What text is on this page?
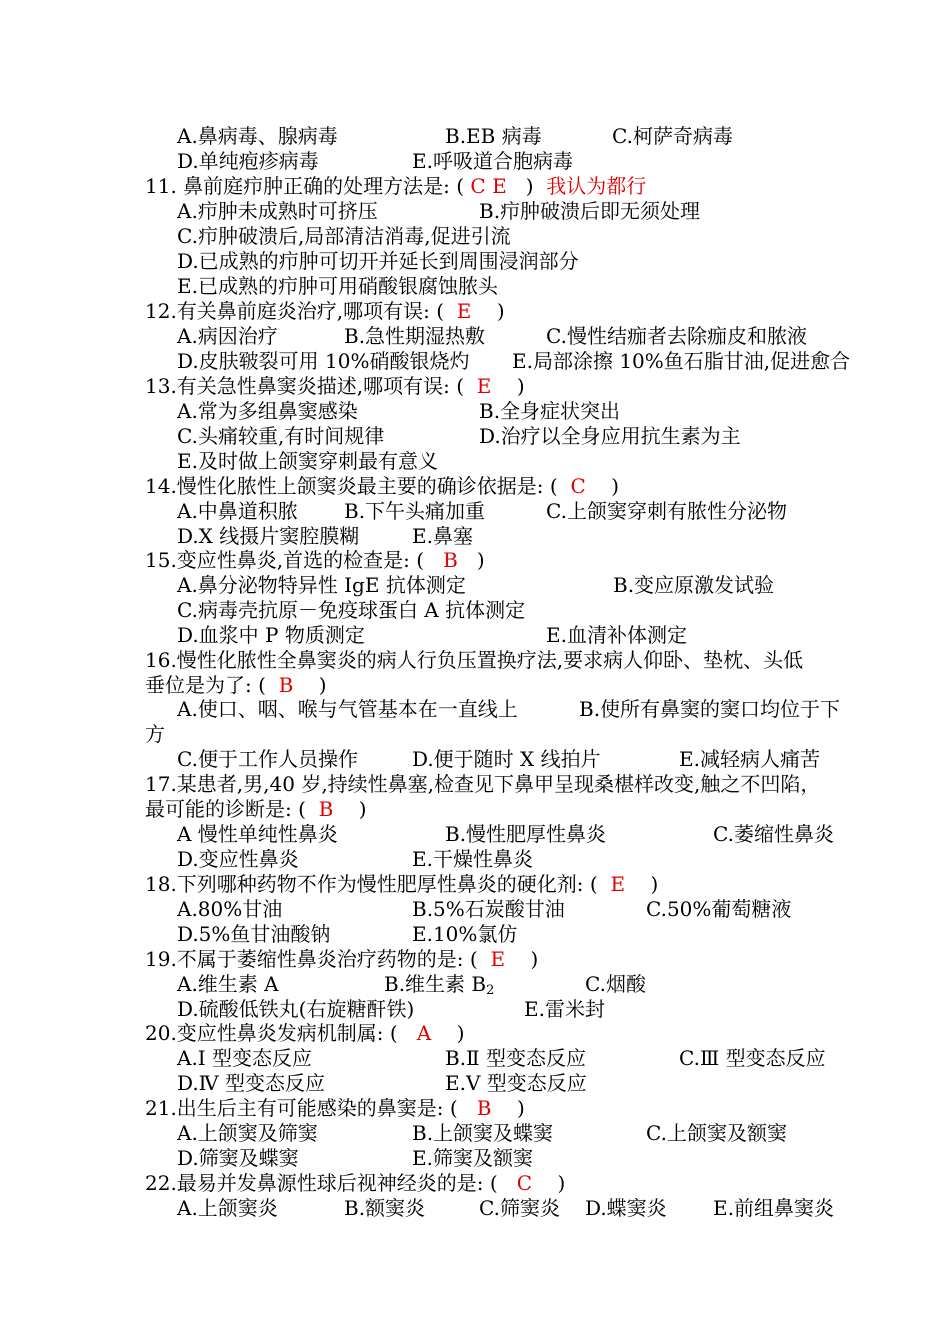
A.鼻病毒、腺病毒	B.EB 病毒	C.柯萨奇病毒
D.单纯疱疹病毒	E.呼吸道合胞病毒
11. 鼻前庭疖肿正确的处理方法是: ( C E ) 我认为都行
A.疖肿未成熟时可挤压	B.疖肿破溃后即无须处理
C.疖肿破溃后,局部清洁消毒,促进引流
D.已成熟的疖肿可切开并延长到周围浸润部分
E.已成熟的疖肿可用硝酸银腐蚀脓头
12.有关鼻前庭炎治疗,哪项有误: ( E )
A.病因治疗	B.急性期湿热敷	C.慢性结痂者去除痂皮和脓液
D.皮肤皲裂可用 10%硝酸银烧灼 E.局部涂擦 10%鱼石脂甘油,促进愈合
13.有关急性鼻窦炎描述,哪项有误: ( E )
A.常为多组鼻窦感染	B.全身症状突出
C.头痛较重,有时间规律	D.治疗以全身应用抗生素为主
E.及时做上颌窦穿刺最有意义
14.慢性化脓性上颌窦炎最主要的确诊依据是: ( C )
A.中鼻道积脓 B.下午头痛加重	C.上颌窦穿刺有脓性分泌物
D.X 线摄片窦腔膜糊	E.鼻塞
15.变应性鼻炎,首选的检查是: ( B )
A.鼻分泌物特异性 IgE 抗体测定	B.变应原激发试验
C.病毒壳抗原－免疫球蛋白 A 抗体测定
D.血浆中 P 物质测定	E.血清补体测定
16.慢性化脓性全鼻窦炎的病人行负压置换疗法,要求病人仰卧、垫枕、头低
垂位是为了: ( B )
A.使口、咽、喉与气管基本在一直线上	B.使所有鼻窦的窦口均位于下
方
C.便于工作人员操作	D.便于随时 X 线拍片	E.减轻病人痛苦
17.某患者,男,40 岁,持续性鼻塞,检查见下鼻甲呈现桑椹样改变,触之不凹陷，
最可能的诊断是: ( B )
A 慢性单纯性鼻炎	B.慢性肥厚性鼻炎	C.萎缩性鼻炎
D.变应性鼻炎	E.干燥性鼻炎
18.下列哪种药物不作为慢性肥厚性鼻炎的硬化剂: ( E )
A.80%甘油	B.5%石炭酸甘油	C.50%葡萄糖液
D.5%鱼甘油酸钠	E.10%氯仿
19.不属于萎缩性鼻炎治疗药物的是: ( E )
A.维生素 A	B.维生素 $B_2$	C.烟酸
D.硫酸低铁丸(右旋糖酐铁)	E.雷米封
20.变应性鼻炎发病机制属: ( A )
A.Ⅰ 型变态反应	B.Ⅱ 型变态反应	C.Ⅲ 型变态反应
D.Ⅳ 型变态反应	E.Ⅴ 型变态反应
21.出生后主有可能感染的鼻窦是: ( B )
A.上颌窦及筛窦	B.上颌窦及蝶窦	C.上颌窦及额窦
D.筛窦及蝶窦	E.筛窦及额窦
22.最易并发鼻源性球后视神经炎的是: ( C )
A.上颌窦炎	B.额窦炎	C.筛窦炎 D.蝶窦炎 E.前组鼻窦炎
